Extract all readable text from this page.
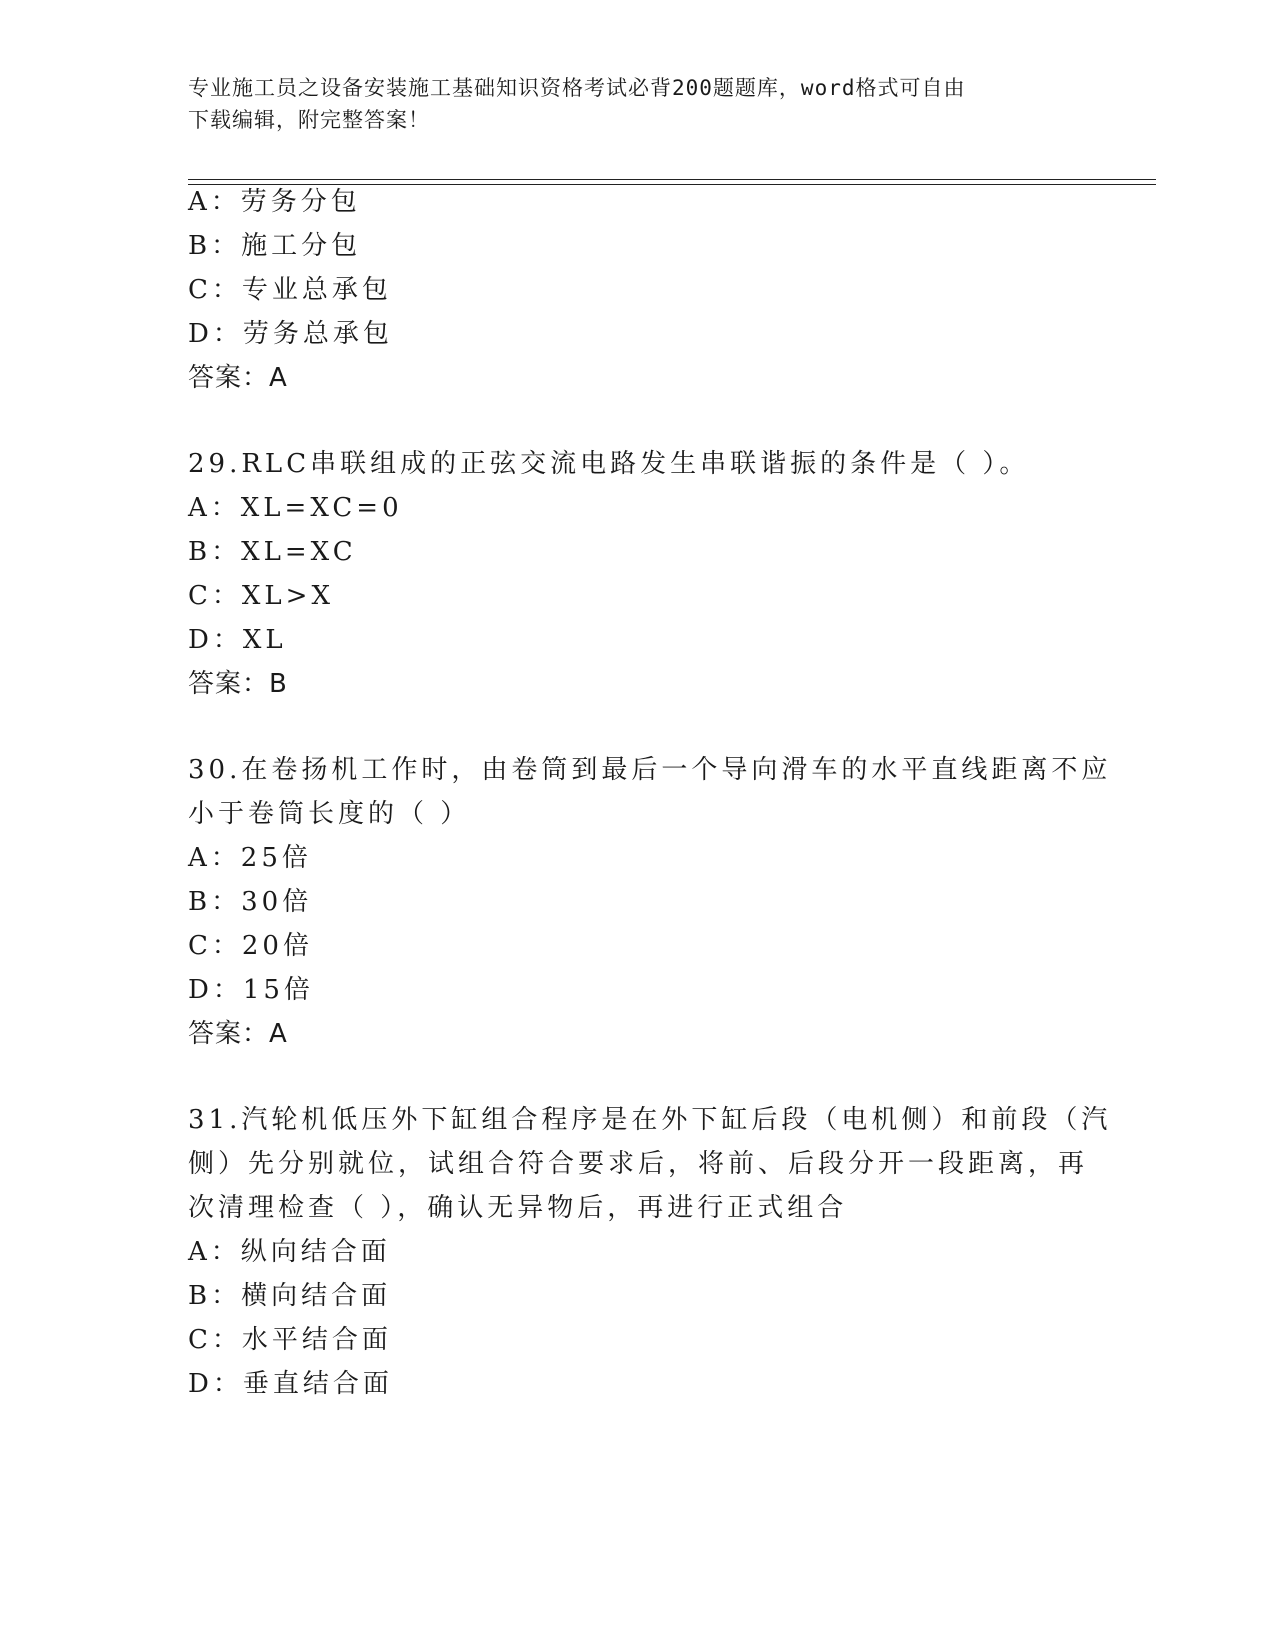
专业施工员之设备安装施工基础知识资格考试必背200题题库，word格式可自由
下载编辑，附完整答案！
A：劳务分包
B：施工分包
C：专业总承包
D：劳务总承包
答案：A
29.RLC串联组成的正弦交流电路发生串联谐振的条件是（ ）。
A：XL=XC=0
B：XL=XC
C：XL>X
D：XL
答案：B
30.在卷扬机工作时，由卷筒到最后一个导向滑车的水平直线距离不应
小于卷筒长度的（ ）
A：25倍
B：30倍
C：20倍
D：15倍
答案：A
31.汽轮机低压外下缸组合程序是在外下缸后段（电机侧）和前段（汽
侧）先分别就位，试组合符合要求后，将前、后段分开一段距离，再
次清理检查（ ），确认无异物后，再进行正式组合
A：纵向结合面
B：横向结合面
C：水平结合面
D：垂直结合面
